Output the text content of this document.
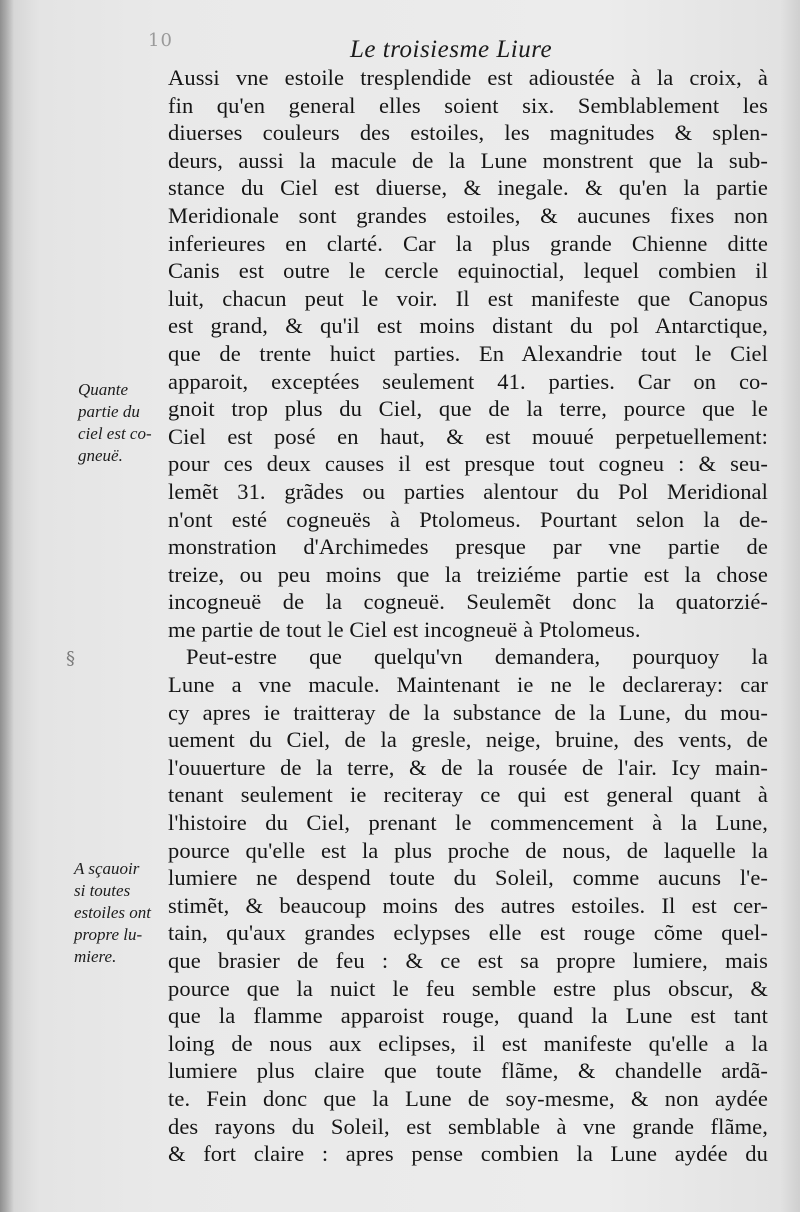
10	Le troisiesme Liure
Quante
partie du
ciel est co-
gneuë.
§
A sçauoir
si toutes
estoiles ont
propre lu-
miere.
Aussi vne estoile tresplendide est adioustée à la croix, à
fin qu'en general elles soient six. Semblablement les
diuerses couleurs des estoiles, les magnitudes & splen-
deurs, aussi la macule de la Lune monstrent que la sub-
stance du Ciel est diuerse, & inegale. & qu'en la partie
Meridionale sont grandes estoiles, & aucunes fixes non
inferieures en clarté. Car la plus grande Chienne ditte
Canis est outre le cercle equinoctial, lequel combien il
luit, chacun peut le voir. Il est manifeste que Canopus
est grand, & qu'il est moins distant du pol Antarctique,
que de trente huict parties. En Alexandrie tout le Ciel
apparoit, exceptées seulement 41. parties. Car on co-
gnoit trop plus du Ciel, que de la terre, pource que le
Ciel est posé en haut, & est mouué perpetuellement:
pour ces deux causes il est presque tout cogneu : & seu-
lemẽt 31. grãdes ou parties alentour du Pol Meridional
n'ont esté cogneuës à Ptolomeus. Pourtant selon la de-
monstration d'Archimedes presque par vne partie de
treize, ou peu moins que la treiziéme partie est la chose
incogneuë de la cogneuë. Seulemẽt donc la quatorzié-
me partie de tout le Ciel est incogneuë à Ptolomeus.
Peut-estre que quelqu'vn demandera, pourquoy la
Lune a vne macule. Maintenant ie ne le declareray: car
cy apres ie traitteray de la substance de la Lune, du mou-
uement du Ciel, de la gresle, neige, bruine, des vents, de
l'ouuerture de la terre, & de la rousée de l'air. Icy main-
tenant seulement ie reciteray ce qui est general quant à
l'histoire du Ciel, prenant le commencement à la Lune,
pource qu'elle est la plus proche de nous, de laquelle la
lumiere ne despend toute du Soleil, comme aucuns l'e-
stimẽt, & beaucoup moins des autres estoiles. Il est cer-
tain, qu'aux grandes eclypses elle est rouge cõme quel-
que brasier de feu : & ce est sa propre lumiere, mais
pource que la nuict le feu semble estre plus obscur, &
que la flamme apparoist rouge, quand la Lune est tant
loing de nous aux eclipses, il est manifeste qu'elle a la
lumiere plus claire que toute flãme, & chandelle ardã-
te. Fein donc que la Lune de soy-mesme, & non aydée
des rayons du Soleil, est semblable à vne grande flãme,
& fort claire : apres pense combien la Lune aydée du
